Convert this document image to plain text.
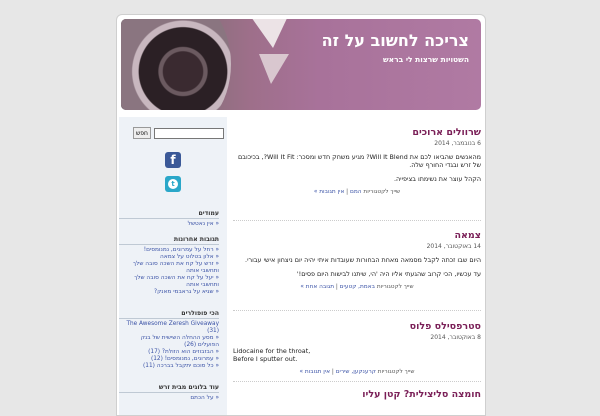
צריכה לחשוב על זה
השטויות שרצות לי בראש
חפש
f
t
עמודים
« אין נאטשל
תגובות אחרונות
« רחל על עמרונים, נמנומסים!
« אלון בטלוט על צמאה
« זרש על קח את השכה סובה שלך ותחשבי אותה
« יעל על קח את השכה סובה שלך ותחשבי אותה
« שגיא על גראבמי מאנק?
הכי פופולרים
The Awesome Zeresh Giveaway (31)
« מסע ההחלה השישית של בנק הפועלים (26)
« הבזבוזים הוא הזולת? (17)
« עמרונים, נמנומסים! (12)
« כל סוכם יתקבל בברכה (11)
עוד בלוגים מבית זרש
« על הכתם
שרוולים ארוכים
6 בנובמבר, 2014

מהאנשים שהביאו לכם את Will It Blend? מגיע משחק חדש ומסכר: Will It Fit?, בכיכובם של זרש ובגדי החורף שלה.

הקהל עוצר את נשימתו בציפייה.

שייך לקטגוריות המם | אין תגובות »
צמאה
14 באוקטובר, 2014

היום שבו זכתה לקבל מסמאה מאחת הבחורות שעובדות איתי יהיה יום ניצחון אישי עבורי.

עד עכשיו, הכי קרוב שהגעתי אליו היה 'הי, שיתנו לבישות היום פסים!'

שייך לקטגוריות באמת, קטעים | תגובה אחת »
סטרפסילס פלוס
8 באוקטובר, 2014

Lidocaine for the throat,

Before I sputter out.

שייך לקטגוריות קרענקען, שירים | אין תגובות »
חומצה סליצילית? קטן עליו
